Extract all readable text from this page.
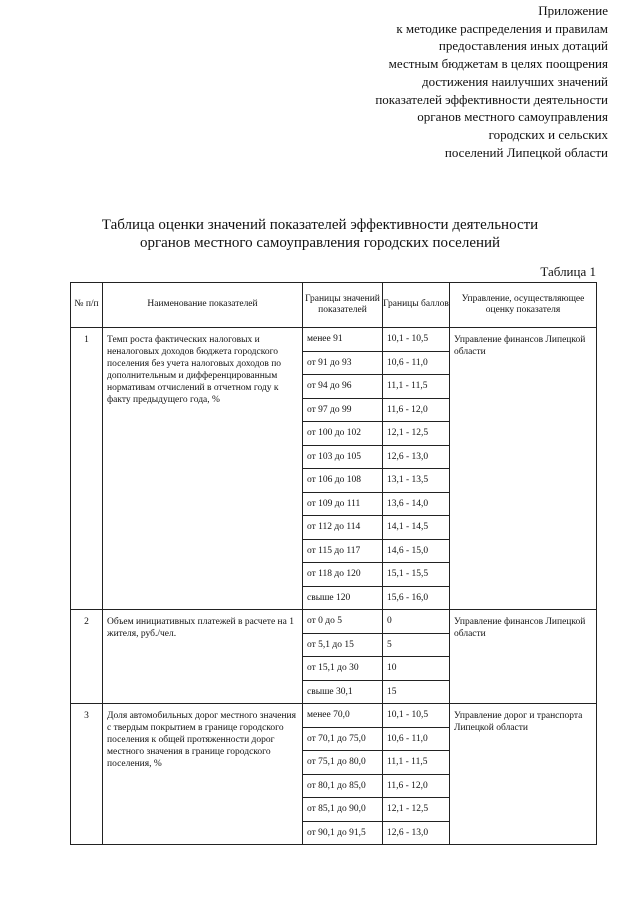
Приложение
к методике распределения и правилам
предоставления иных дотаций
местным бюджетам в целях поощрения
достижения наилучших значений
показателей эффективности деятельности
органов местного самоуправления
городских и сельских
поселений Липецкой области
Таблица оценки значений показателей эффективности деятельности
органов местного самоуправления городских поселений
Таблица 1
№ п/п	Наименование показателей	Границы значений показателей	Границы баллов	Управление, осуществляющее оценку показателя
1	Темп роста фактических налоговых и неналоговых доходов бюджета городского поселения без учета налоговых доходов по дополнительным и дифференцированным нормативам отчислений в отчетном году к факту предыдущего года, %	менее 91	10,1 - 10,5	Управление финансов Липецкой области
		от 91 до 93	10,6 - 11,0	
		от 94 до 96	11,1 - 11,5	
		от 97 до 99	11,6 - 12,0	
		от 100 до 102	12,1 - 12,5	
		от 103 до 105	12,6 - 13,0	
		от 106 до 108	13,1 - 13,5	
		от 109 до 111	13,6 - 14,0	
		от 112 до 114	14,1 - 14,5	
		от 115 до 117	14,6 - 15,0	
		от 118 до 120	15,1 - 15,5	
		свыше 120	15,6 - 16,0	
2	Объем инициативных платежей в расчете на 1 жителя, руб./чел.	от 0 до 5	0	Управление финансов Липецкой области
		от 5,1 до 15	5	
		от 15,1 до 30	10	
		свыше 30,1	15	
3	Доля автомобильных дорог местного значения с твердым покрытием в границе городского поселения к общей протяженности дорог местного значения в границе городского поселения, %	менее 70,0	10,1 - 10,5	Управление дорог и транспорта Липецкой области
		от 70,1 до 75,0	10,6 - 11,0	
		от 75,1 до 80,0	11,1 - 11,5	
		от 80,1 до 85,0	11,6 - 12,0	
		от 85,1 до 90,0	12,1 - 12,5	
		от 90,1 до 91,5	12,6 - 13,0	
